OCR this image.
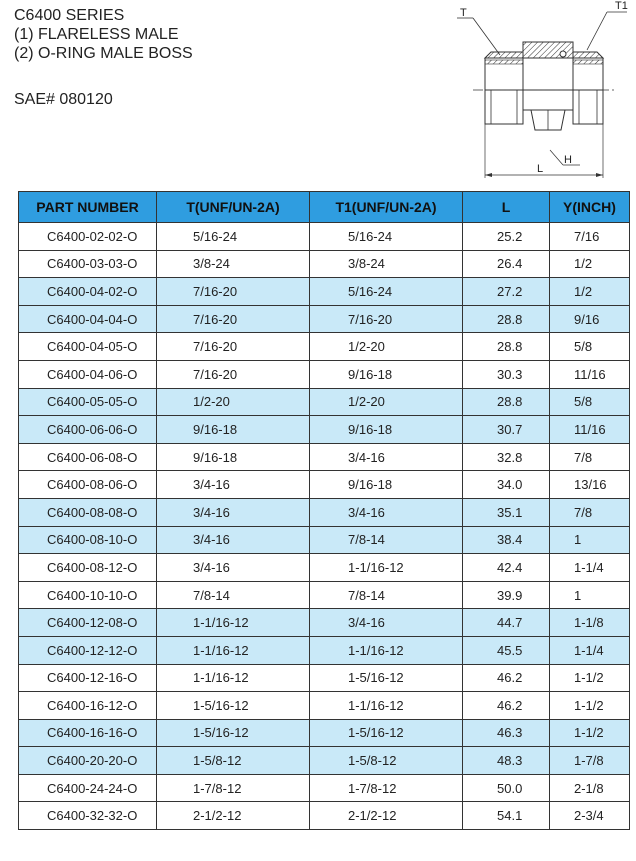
C6400 SERIES
(1) FLARELESS MALE
(2) O-RING MALE BOSS
SAE# 080120
T
T1
L
H
PART NUMBER	T(UNF/UN-2A)	T1(UNF/UN-2A)	L	Y(INCH)
C6400-02-02-O	5/16-24	5/16-24	25.2	7/16
C6400-03-03-O	3/8-24	3/8-24	26.4	1/2
C6400-04-02-O	7/16-20	5/16-24	27.2	1/2
C6400-04-04-O	7/16-20	7/16-20	28.8	9/16
C6400-04-05-O	7/16-20	1/2-20	28.8	5/8
C6400-04-06-O	7/16-20	9/16-18	30.3	11/16
C6400-05-05-O	1/2-20	1/2-20	28.8	5/8
C6400-06-06-O	9/16-18	9/16-18	30.7	11/16
C6400-06-08-O	9/16-18	3/4-16	32.8	7/8
C6400-08-06-O	3/4-16	9/16-18	34.0	13/16
C6400-08-08-O	3/4-16	3/4-16	35.1	7/8
C6400-08-10-O	3/4-16	7/8-14	38.4	1
C6400-08-12-O	3/4-16	1-1/16-12	42.4	1-1/4
C6400-10-10-O	7/8-14	7/8-14	39.9	1
C6400-12-08-O	1-1/16-12	3/4-16	44.7	1-1/8
C6400-12-12-O	1-1/16-12	1-1/16-12	45.5	1-1/4
C6400-12-16-O	1-1/16-12	1-5/16-12	46.2	1-1/2
C6400-16-12-O	1-5/16-12	1-1/16-12	46.2	1-1/2
C6400-16-16-O	1-5/16-12	1-5/16-12	46.3	1-1/2
C6400-20-20-O	1-5/8-12	1-5/8-12	48.3	1-7/8
C6400-24-24-O	1-7/8-12	1-7/8-12	50.0	2-1/8
C6400-32-32-O	2-1/2-12	2-1/2-12	54.1	2-3/4
